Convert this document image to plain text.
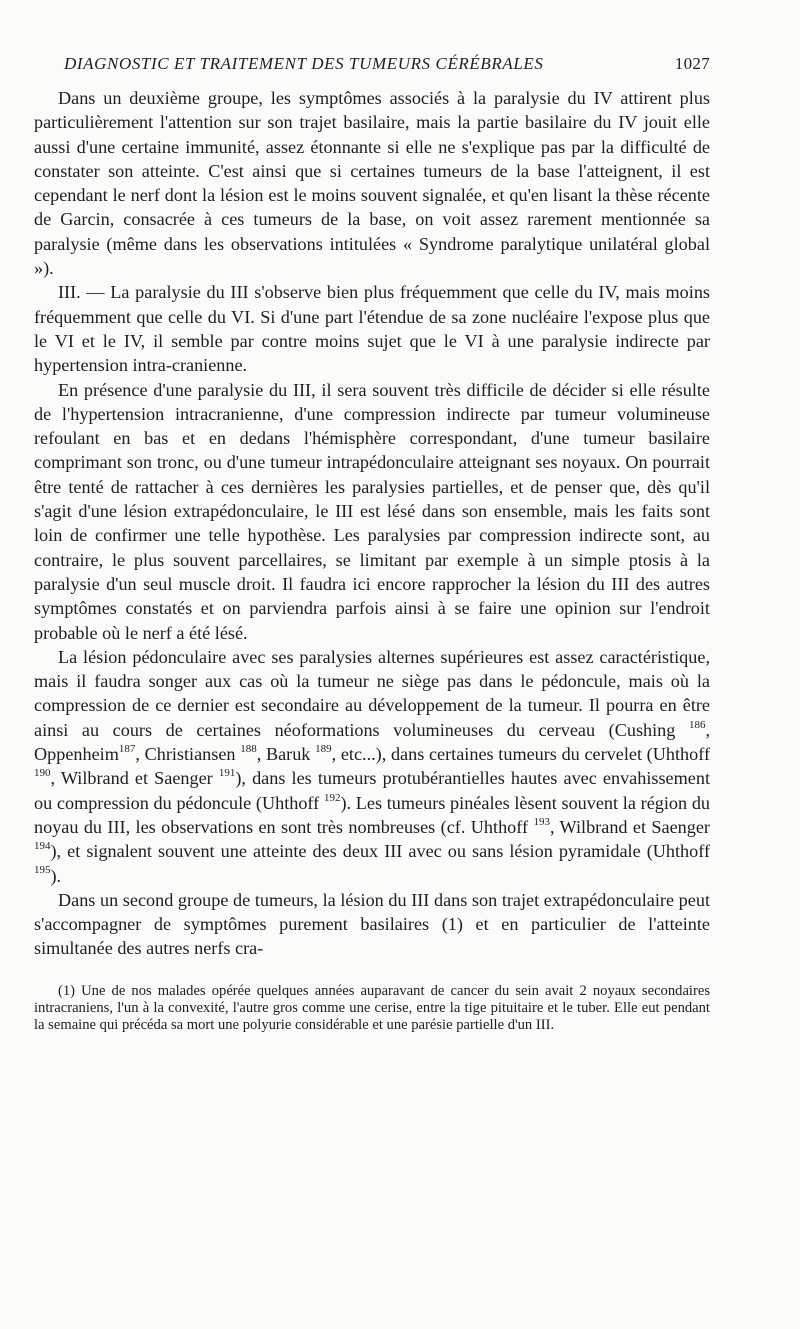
DIAGNOSTIC ET TRAITEMENT DES TUMEURS CÉRÉBRALES	1027

Dans un deuxième groupe, les symptômes associés à la paralysie du IV attirent plus particulièrement l'attention sur son trajet basilaire, mais la partie basilaire du IV jouit elle aussi d'une certaine immunité, assez étonnante si elle ne s'explique pas par la difficulté de constater son atteinte. C'est ainsi que si certaines tumeurs de la base l'atteignent, il est cependant le nerf dont la lésion est le moins souvent signalée, et qu'en lisant la thèse récente de Garcin, consacrée à ces tumeurs de la base, on voit assez rarement mentionnée sa paralysie (même dans les observations intitulées « Syndrome paralytique unilatéral global »).

III. — La paralysie du III s'observe bien plus fréquemment que celle du IV, mais moins fréquemment que celle du VI. Si d'une part l'étendue de sa zone nucléaire l'expose plus que le VI et le IV, il semble par contre moins sujet que le VI à une paralysie indirecte par hypertension intra-cranienne.

En présence d'une paralysie du III, il sera souvent très difficile de décider si elle résulte de l'hypertension intracranienne, d'une compression indirecte par tumeur volumineuse refoulant en bas et en dedans l'hémisphère correspondant, d'une tumeur basilaire comprimant son tronc, ou d'une tumeur intrapédonculaire atteignant ses noyaux. On pourrait être tenté de rattacher à ces dernières les paralysies partielles, et de penser que, dès qu'il s'agit d'une lésion extrapédonculaire, le III est lésé dans son ensemble, mais les faits sont loin de confirmer une telle hypothèse. Les paralysies par compression indirecte sont, au contraire, le plus souvent parcellaires, se limitant par exemple à un simple ptosis à la paralysie d'un seul muscle droit. Il faudra ici encore rapprocher la lésion du III des autres symptômes constatés et on parviendra parfois ainsi à se faire une opinion sur l'endroit probable où le nerf a été lésé.

La lésion pédonculaire avec ses paralysies alternes supérieures est assez caractéristique, mais il faudra songer aux cas où la tumeur ne siège pas dans le pédoncule, mais où la compression de ce dernier est secondaire au développement de la tumeur. Il pourra en être ainsi au cours de certaines néoformations volumineuses du cerveau (Cushing $^{186}$, Oppenheim$^{187}$, Christiansen $^{188}$, Baruk $^{189}$, etc...), dans certaines tumeurs du cervelet (Uhthoff $^{190}$, Wilbrand et Saenger $^{191}$), dans les tumeurs protubérantielles hautes avec envahissement ou compression du pédoncule (Uhthoff $^{192}$). Les tumeurs pinéales lèsent souvent la région du noyau du III, les observations en sont très nombreuses (cf. Uhthoff $^{193}$, Wilbrand et Saenger $^{194}$), et signalent souvent une atteinte des deux III avec ou sans lésion pyramidale (Uhthoff $^{195}$).

Dans un second groupe de tumeurs, la lésion du III dans son trajet extrapédonculaire peut s'accompagner de symptômes purement basilaires (1) et en particulier de l'atteinte simultanée des autres nerfs cra-

(1) Une de nos malades opérée quelques années auparavant de cancer du sein avait 2 noyaux secondaires intracraniens, l'un à la convexité, l'autre gros comme une cerise, entre la tige pituitaire et le tuber. Elle eut pendant la semaine qui précéda sa mort une polyurie considérable et une parésie partielle d'un III.
